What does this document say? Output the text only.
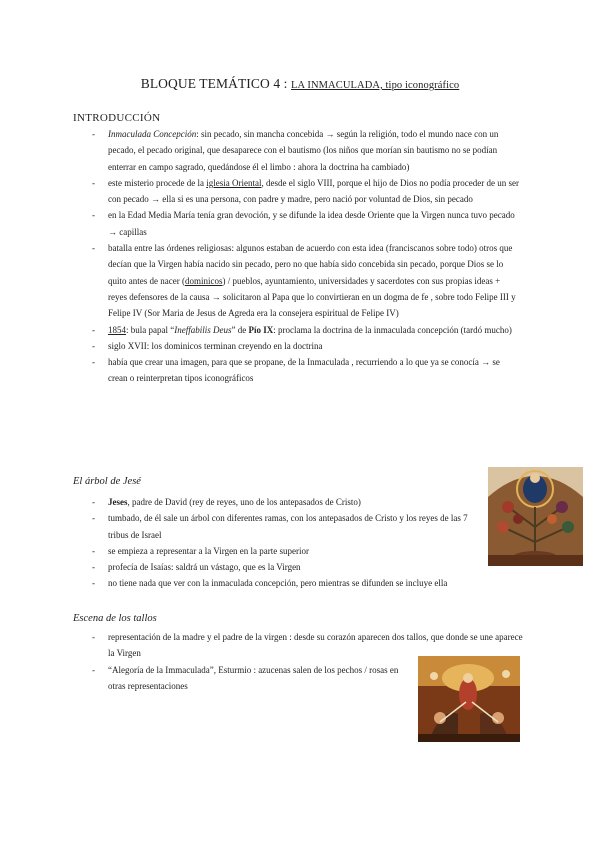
BLOQUE TEMÁTICO 4 : LA INMACULADA, tipo iconográfico
INTRODUCCIÓN
- Inmaculada Concepción: sin pecado, sin mancha concebida → según la religión, todo el mundo nace con un pecado, el pecado original, que desaparece con el bautismo (los niños que morían sin bautismo no se podían enterrar en campo sagrado, quedándose él el limbo : ahora la doctrina ha cambiado)
- este misterio procede de la iglesia Oriental, desde el siglo VIII, porque el hijo de Dios no podía proceder de un ser con pecado → ella si es una persona, con padre y madre, pero nació por voluntad de Dios, sin pecado
- en la Edad Media María tenía gran devoción, y se difunde la idea desde Oriente que la Virgen nunca tuvo pecado → capillas
- batalla entre las órdenes religiosas: algunos estaban de acuerdo con esta idea (franciscanos sobre todo) otros que decían que la Virgen había nacido sin pecado, pero no que había sido concebida sin pecado, porque Dios se lo quito antes de nacer (dominicos) / pueblos, ayuntamiento, universidades y sacerdotes con sus propias ideas + reyes defensores de la causa → solicitaron al Papa que lo convirtieran en un dogma de fe , sobre todo Felipe III y Felipe IV (Sor Maria de Jesus de Agreda era la consejera espiritual de Felipe IV)
- 1854: bula papal “Ineffabilis Deus” de Pío IX: proclama la doctrina de la inmaculada concepción (tardó mucho)
- siglo XVII: los dominicos terminan creyendo en la doctrina
- había que crear una imagen, para que se propane, de la Inmaculada , recurriendo a lo que ya se conocía → se crean o reinterpretan tipos iconográficos
El árbol de Jesé
- Jeses, padre de David (rey de reyes, uno de los antepasados de Cristo)
- tumbado, de él sale un árbol con diferentes ramas, con los antepasados de Cristo y los reyes de las 7 tribus de Israel
- se empieza a representar a la Virgen en la parte superior
- profecía de Isaías: saldrá un vástago, que es la Virgen
- no tiene nada que ver con la inmaculada concepción, pero mientras se difunden se incluye ella
Escena de los tallos
- representación de la madre y el padre de la virgen : desde su corazón aparecen dos tallos, que donde se une aparece la Virgen
- “Alegoría de la Immaculada”, Esturmio : azucenas salen de los pechos / rosas en otras representaciones
